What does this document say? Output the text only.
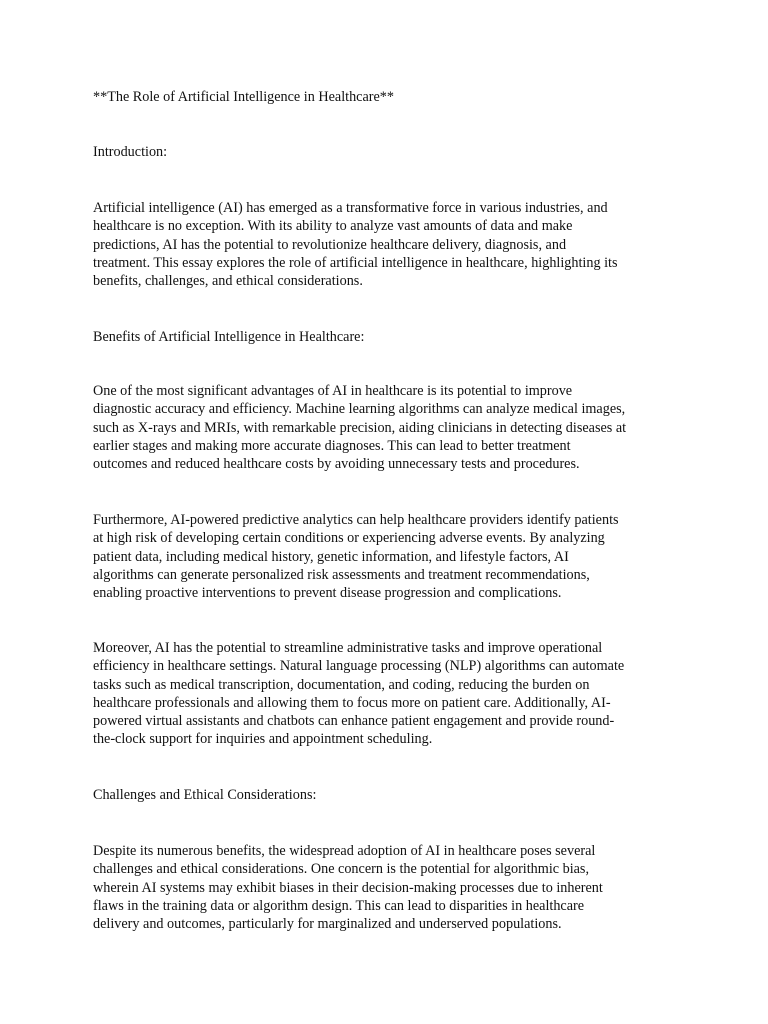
**The Role of Artificial Intelligence in Healthcare**

Introduction:

Artificial intelligence (AI) has emerged as a transformative force in various industries, and
healthcare is no exception. With its ability to analyze vast amounts of data and make
predictions, AI has the potential to revolutionize healthcare delivery, diagnosis, and
treatment. This essay explores the role of artificial intelligence in healthcare, highlighting its
benefits, challenges, and ethical considerations.

Benefits of Artificial Intelligence in Healthcare:

One of the most significant advantages of AI in healthcare is its potential to improve
diagnostic accuracy and efficiency. Machine learning algorithms can analyze medical images,
such as X-rays and MRIs, with remarkable precision, aiding clinicians in detecting diseases at
earlier stages and making more accurate diagnoses. This can lead to better treatment
outcomes and reduced healthcare costs by avoiding unnecessary tests and procedures.

Furthermore, AI-powered predictive analytics can help healthcare providers identify patients
at high risk of developing certain conditions or experiencing adverse events. By analyzing
patient data, including medical history, genetic information, and lifestyle factors, AI
algorithms can generate personalized risk assessments and treatment recommendations,
enabling proactive interventions to prevent disease progression and complications.

Moreover, AI has the potential to streamline administrative tasks and improve operational
efficiency in healthcare settings. Natural language processing (NLP) algorithms can automate
tasks such as medical transcription, documentation, and coding, reducing the burden on
healthcare professionals and allowing them to focus more on patient care. Additionally, AI-
powered virtual assistants and chatbots can enhance patient engagement and provide round-
the-clock support for inquiries and appointment scheduling.

Challenges and Ethical Considerations:

Despite its numerous benefits, the widespread adoption of AI in healthcare poses several
challenges and ethical considerations. One concern is the potential for algorithmic bias,
wherein AI systems may exhibit biases in their decision-making processes due to inherent
flaws in the training data or algorithm design. This can lead to disparities in healthcare
delivery and outcomes, particularly for marginalized and underserved populations.
